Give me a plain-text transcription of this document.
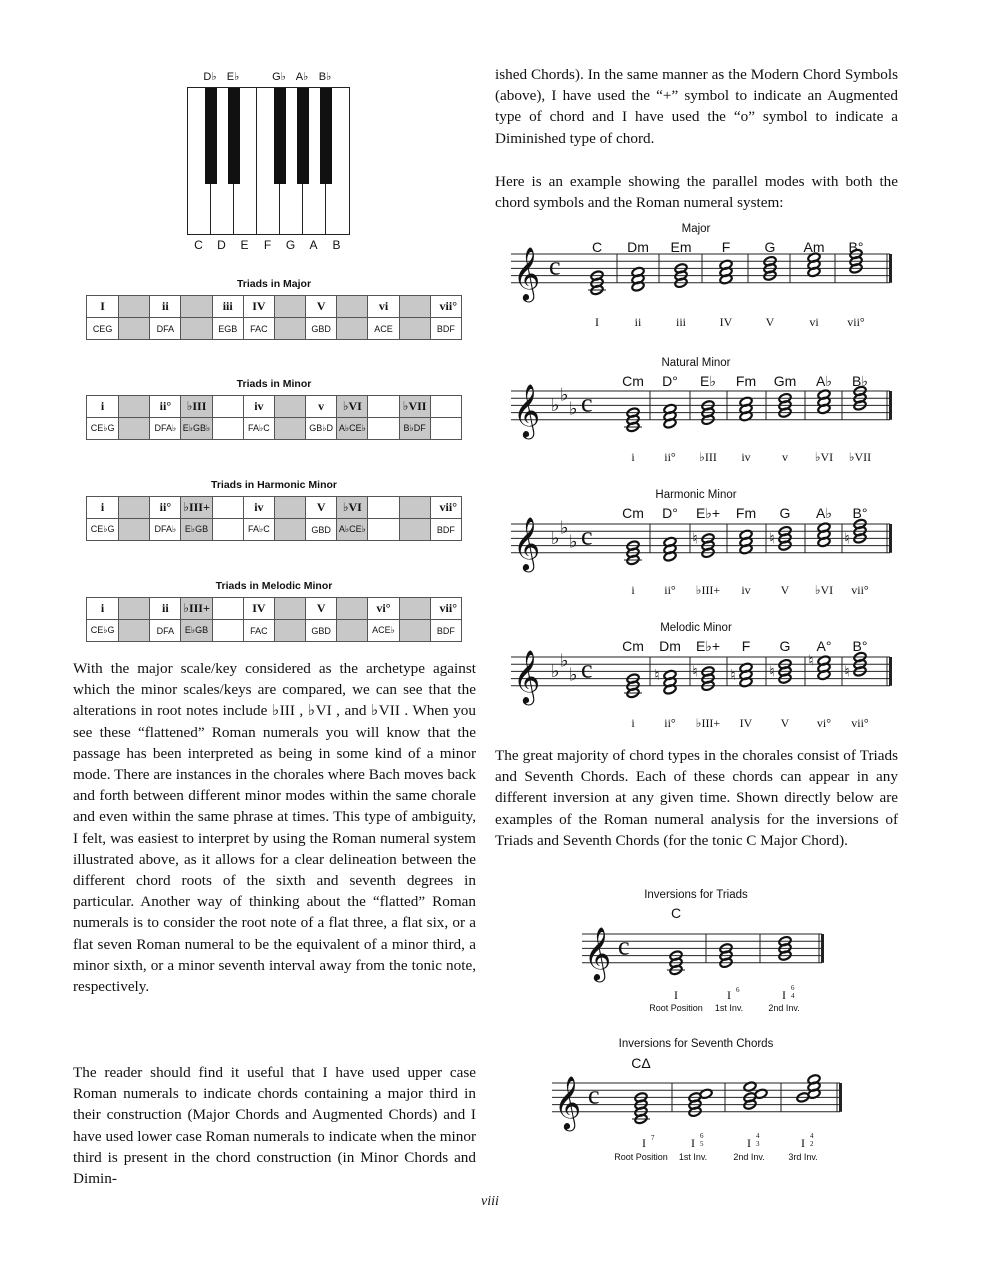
D♭ E♭	G♭ A♭ B♭
C	D	E	F	G	A	B
Triads in Major
I		ii		iii	IV		V		vi		vii°
CEG		DFA		EGB	FAC		GBD		ACE		BDF
Triads in Minor
i		ii°	♭III		iv		v	♭VI		♭VII	
CE♭G		DFA♭	E♭GB♭		FA♭C		GB♭D	A♭CE♭		B♭DF	
Triads in Harmonic Minor
i		ii°	♭III+		iv		V	♭VI			vii°
CE♭G		DFA♭	E♭GB		FA♭C		GBD	A♭CE♭			BDF
Triads in Melodic Minor
i		ii	♭III+		IV		V		vi°		vii°
CE♭G		DFA	E♭GB		FAC		GBD		ACE♭		BDF

With the major scale/key considered as the archetype against which the minor scales/keys are compared, we can see that the alterations in root notes include ♭III , ♭VI , and ♭VII . When you see these “flattened” Roman numerals you will know that the passage has been interpreted as being in some kind of a minor mode. There are instances in the chorales where Bach moves back and forth between different minor modes within the same chorale and even within the same phrase at times. This type of ambiguity, I felt, was easiest to interpret by using the Roman numeral system illustrated above, as it allows for a clear delineation between the different chord roots of the sixth and seventh degrees in particular. Another way of thinking about the “flatted” Roman numerals is to consider the root note of a flat three, a flat six, or a flat seven Roman numeral to be the equivalent of a minor third, a minor sixth, or a minor seventh interval away from the tonic note, respectively.

The reader should find it useful that I have used upper case Roman numerals to indicate chords containing a major third in their construction (Major Chords and Augmented Chords) and I have used lower case Roman numerals to indicate when the minor third is present in the chord construction (in Minor Chords and Dimin-

ished Chords). In the same manner as the Modern Chord Symbols (above), I have used the “+” symbol to indicate an Augmented type of chord and I have used the “o” symbol to indicate a Diminished type of chord.

Here is an example showing the parallel modes with both the chord symbols and the Roman numeral system:

The great majority of chord types in the chorales consist of Triads and Seventh Chords. Each of these chords can appear in any different inversion at any given time. Shown directly below are examples of the Roman numeral analysis for the inversions of Triads and Seventh Chords (for the tonic C Major Chord).

Major
𝄞 c
C Dm Em F G Am B°
I	ii	iii	IV	V	vi vii°
Natural Minor
𝄞 ♭
♭
♭ c
Cm D° E♭ Fm Gm A♭ B♭
i ii° ♭III iv	v ♭VI ♭VII
Harmonic Minor
𝄞 ♭
♭
♭ c
Cm D° E♭+ Fm G A♭ B°
i ii° ♭III+ iv V ♭VI vii°
♮	♮	♮
Melodic Minor
𝄞 ♭
♭
♭ c
Cm Dm E♭+ F G A° B°
i ii° ♭III+ IV V vi° vii°
♮ ♮ ♮ ♮
♮
♮
Inversions for Triads
C
𝄞 c
I	I 6	I 6
4
Root Position 1st Inv.	2nd Inv.
Inversions for Seventh Chords
CΔ
𝄞 c
I 7	I 6
5	I 4
3	I 4
2
Root Position 1st Inv.	2nd Inv.	3rd Inv.
viii
